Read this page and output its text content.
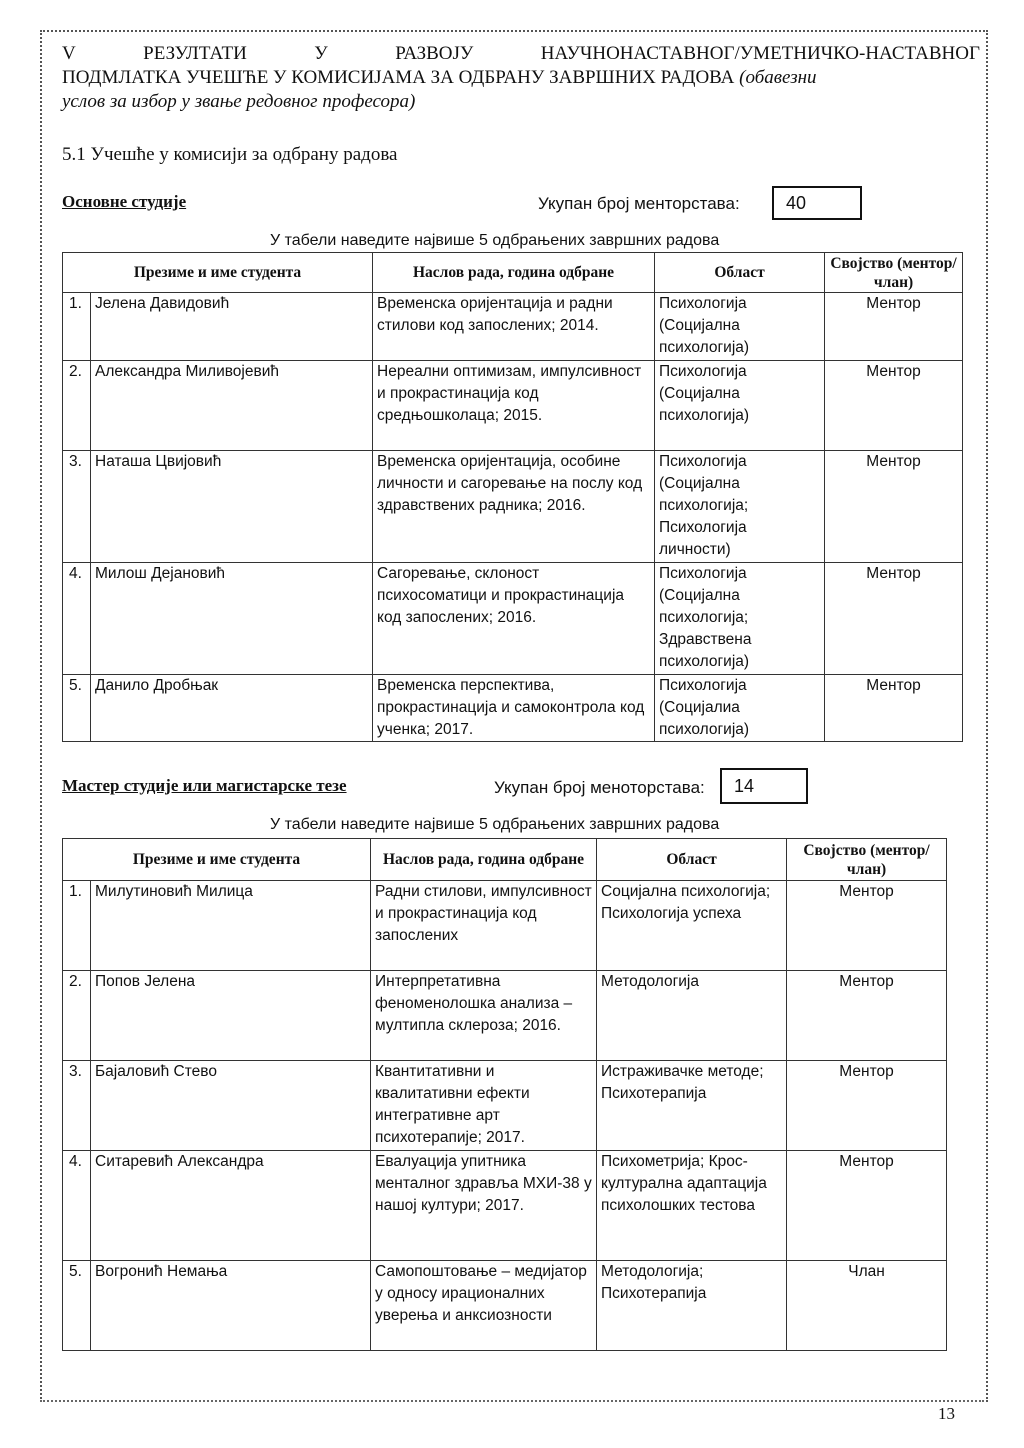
V	РЕЗУЛТАТИ	У	РАЗВОЈУ	НАУЧНОНАСТАВНОГ/УМЕТНИЧКО-НАСТАВНОГ
ПОДМЛАТКА УЧЕШЋЕ У КОМИСИЈАМА ЗА ОДБРАНУ ЗАВРШНИХ РАДОВА (обавезни
услов за избор у звање редовног професора)
5.1 Учешће у комисији за одбрану радова
Основне студије	Укупан број менторстава:	40
У табели наведите највише 5 одбрањених завршних радова
Презиме и име студента		Наслов рада, година одбране	Област	Својство (ментор/члан)
1.	Јелена Давидовић	Временска оријентација и радни стилови код запослених; 2014.	Психологија (Социјална психологија)	Ментор
2.	Александра Миливојевић	Нереални оптимизам, импулсивност и прокрастинација код средњошколаца; 2015.	Психологија (Социјална психологија)	Ментор
3.	Наташа Цвијовић	Временска оријентација, особине личности и сагоревање на послу код здравствених радника; 2016.	Психологија (Социјална психологија; Психологија личности)	Ментор
4.	Милош Дејановић	Сагоревање, склоност психосоматици и прокрастинација код запослених; 2016.	Психологија (Социјална психологија; Здравствена психологија)	Ментор
5.	Данило Дробњак	Временска перспектива, прокрастинација и самоконтрола код ученка; 2017.	Психологија (Социјалиа психологија)	Ментор
Мастер студије или магистарске тезе	Укупан број меноторстава:	14
У табели наведите највише 5 одбрањених завршних радова
Презиме и име студента		Наслов рада, година одбране	Област	Својство (ментор/члан)
1.	Милутиновић Милица	Радни стилови, импулсивност и прокрастинација код запослених	Социјална психологија; Психологија успеха	Ментор
2.	Попов Јелена	Интерпретативна феноменолошка анализа – мултипла склероза; 2016.	Методологија	Ментор
3.	Бајаловић Стево	Квантитативни и квалитативни ефекти интегративне арт психотерапије; 2017.	Истраживачке методе; Психотерапија	Ментор
4.	Ситаревић Александра	Евалуација упитника менталног здравља МХИ-38 у нашој култури; 2017.	Психометрија; Крос-културална адаптација психолошких тестова	Ментор
5.	Вогронић Немања	Самопоштовање – медијатор у односу ирационалних уверења и анксиозности	Методологија; Психотерапија	Члан
13
